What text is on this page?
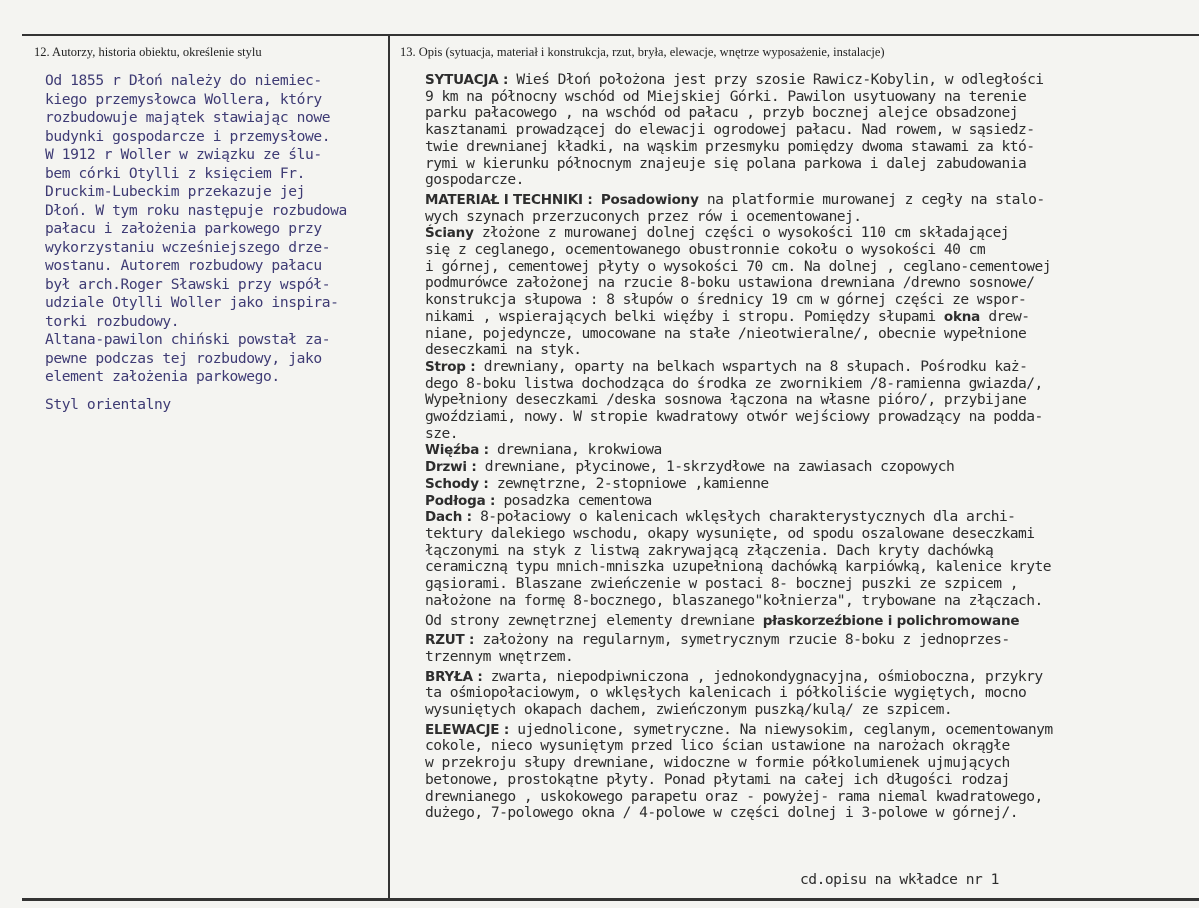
12. Autorzy, historia obiektu, określenie stylu	13. Opis (sytuacja, materiał i konstrukcja, rzut, bryła, elewacje, wnętrze wyposażenie, instalacje)
Od 1855 r Dłoń należy do niemiec-
kiego przemysłowca Wollera, który
rozbudowuje majątek stawiając nowe
budynki gospodarcze i przemysłowe.
W 1912 r Woller w związku ze ślu-
bem córki Otylli z księciem Fr.
Druckim-Lubeckim przekazuje jej
Dłoń. W tym roku następuje rozbudowa
pałacu i założenia parkowego przy
wykorzystaniu wcześniejszego drze-
wostanu. Autorem rozbudowy pałacu
był arch.Roger Sławski przy współ-
udziale Otylli Woller jako inspira-
torki rozbudowy.
Altana-pawilon chiński powstał za-
pewne podczas tej rozbudowy, jako
element założenia parkowego.
Styl orientalny
SYTUACJA : Wieś Dłoń położona jest przy szosie Rawicz-Kobylin, w odległości
9 km na północny wschód od Miejskiej Górki. Pawilon usytuowany na terenie
parku pałacowego , na wschód od pałacu , przyb bocznej alejce obsadzonej
kasztanami prowadzącej do elewacji ogrodowej pałacu. Nad rowem, w sąsiedz-
twie drewnianej kładki, na wąskim przesmyku pomiędzy dwoma stawami za któ-
rymi w kierunku północnym znajeuje się polana parkowa i dalej zabudowania
gospodarcze.
MATERIAŁ I TECHNIKI : Posadowiony na platformie murowanej z cegły na stalo-
wych szynach przerzuconych przez rów i ocementowanej.
Ściany złożone z murowanej dolnej części o wysokości 110 cm składającej
się z ceglanego, ocementowanego obustronnie cokołu o wysokości 40 cm
i górnej, cementowej płyty o wysokości 70 cm. Na dolnej , ceglano-cementowej
podmurówce założonej na rzucie 8-boku ustawiona drewniana /drewno sosnowe/
konstrukcja słupowa : 8 słupów o średnicy 19 cm w górnej części ze wspor-
nikami , wspierających belki więźby i stropu. Pomiędzy słupami okna drew-
niane, pojedyncze, umocowane na stałe /nieotwieralne/, obecnie wypełnione
deseczkami na styk.
Strop : drewniany, oparty na belkach wspartych na 8 słupach. Pośrodku każ-
dego 8-boku listwa dochodząca do środka ze zwornikiem /8-ramienna gwiazda/,
Wypełniony deseczkami /deska sosnowa łączona na własne pióro/, przybijane
gwoździami, nowy. W stropie kwadratowy otwór wejściowy prowadzący na podda-
sze.
Więźba : drewniana, krokwiowa
Drzwi : drewniane, płycinowe, 1-skrzydłowe na zawiasach czopowych
Schody : zewnętrzne, 2-stopniowe ,kamienne
Podłoga : posadzka cementowa
Dach : 8-połaciowy o kalenicach wklęsłych charakterystycznych dla archi-
tektury dalekiego wschodu, okapy wysunięte, od spodu oszalowane deseczkami
łączonymi na styk z listwą zakrywającą złączenia. Dach kryty dachówką
ceramiczną typu mnich-mniszka uzupełnioną dachówką karpiówką, kalenice kryte
gąsiorami. Blaszane zwieńczenie w postaci 8- bocznej puszki ze szpicem ,
nałożone na formę 8-bocznego, blaszanego"kołnierza", trybowane na złączach.
Od strony zewnętrznej elementy drewniane płaskorzeźbione i polichromowane
RZUT : założony na regularnym, symetrycznym rzucie 8-boku z jednoprzes-
trzennym wnętrzem.
BRYŁA : zwarta, niepodpiwniczona , jednokondygnacyjna, ośmioboczna, przykry
ta ośmiopołaciowym, o wklęsłych kalenicach i półkoliście wygiętych, mocno
wysuniętych okapach dachem, zwieńczonym puszką/kulą/ ze szpicem.
ELEWACJE : ujednolicone, symetryczne. Na niewysokim, ceglanym, ocementowanym
cokole, nieco wysuniętym przed lico ścian ustawione na narożach okrągłe
w przekroju słupy drewniane, widoczne w formie półkolumienek ujmujących
betonowe, prostokątne płyty. Ponad płytami na całej ich długości rodzaj
drewnianego , uskokowego parapetu oraz - powyżej- rama niemal kwadratowego,
dużego, 7-polowego okna / 4-polowe w części dolnej i 3-polowe w górnej/.
cd.opisu na wkładce nr 1
